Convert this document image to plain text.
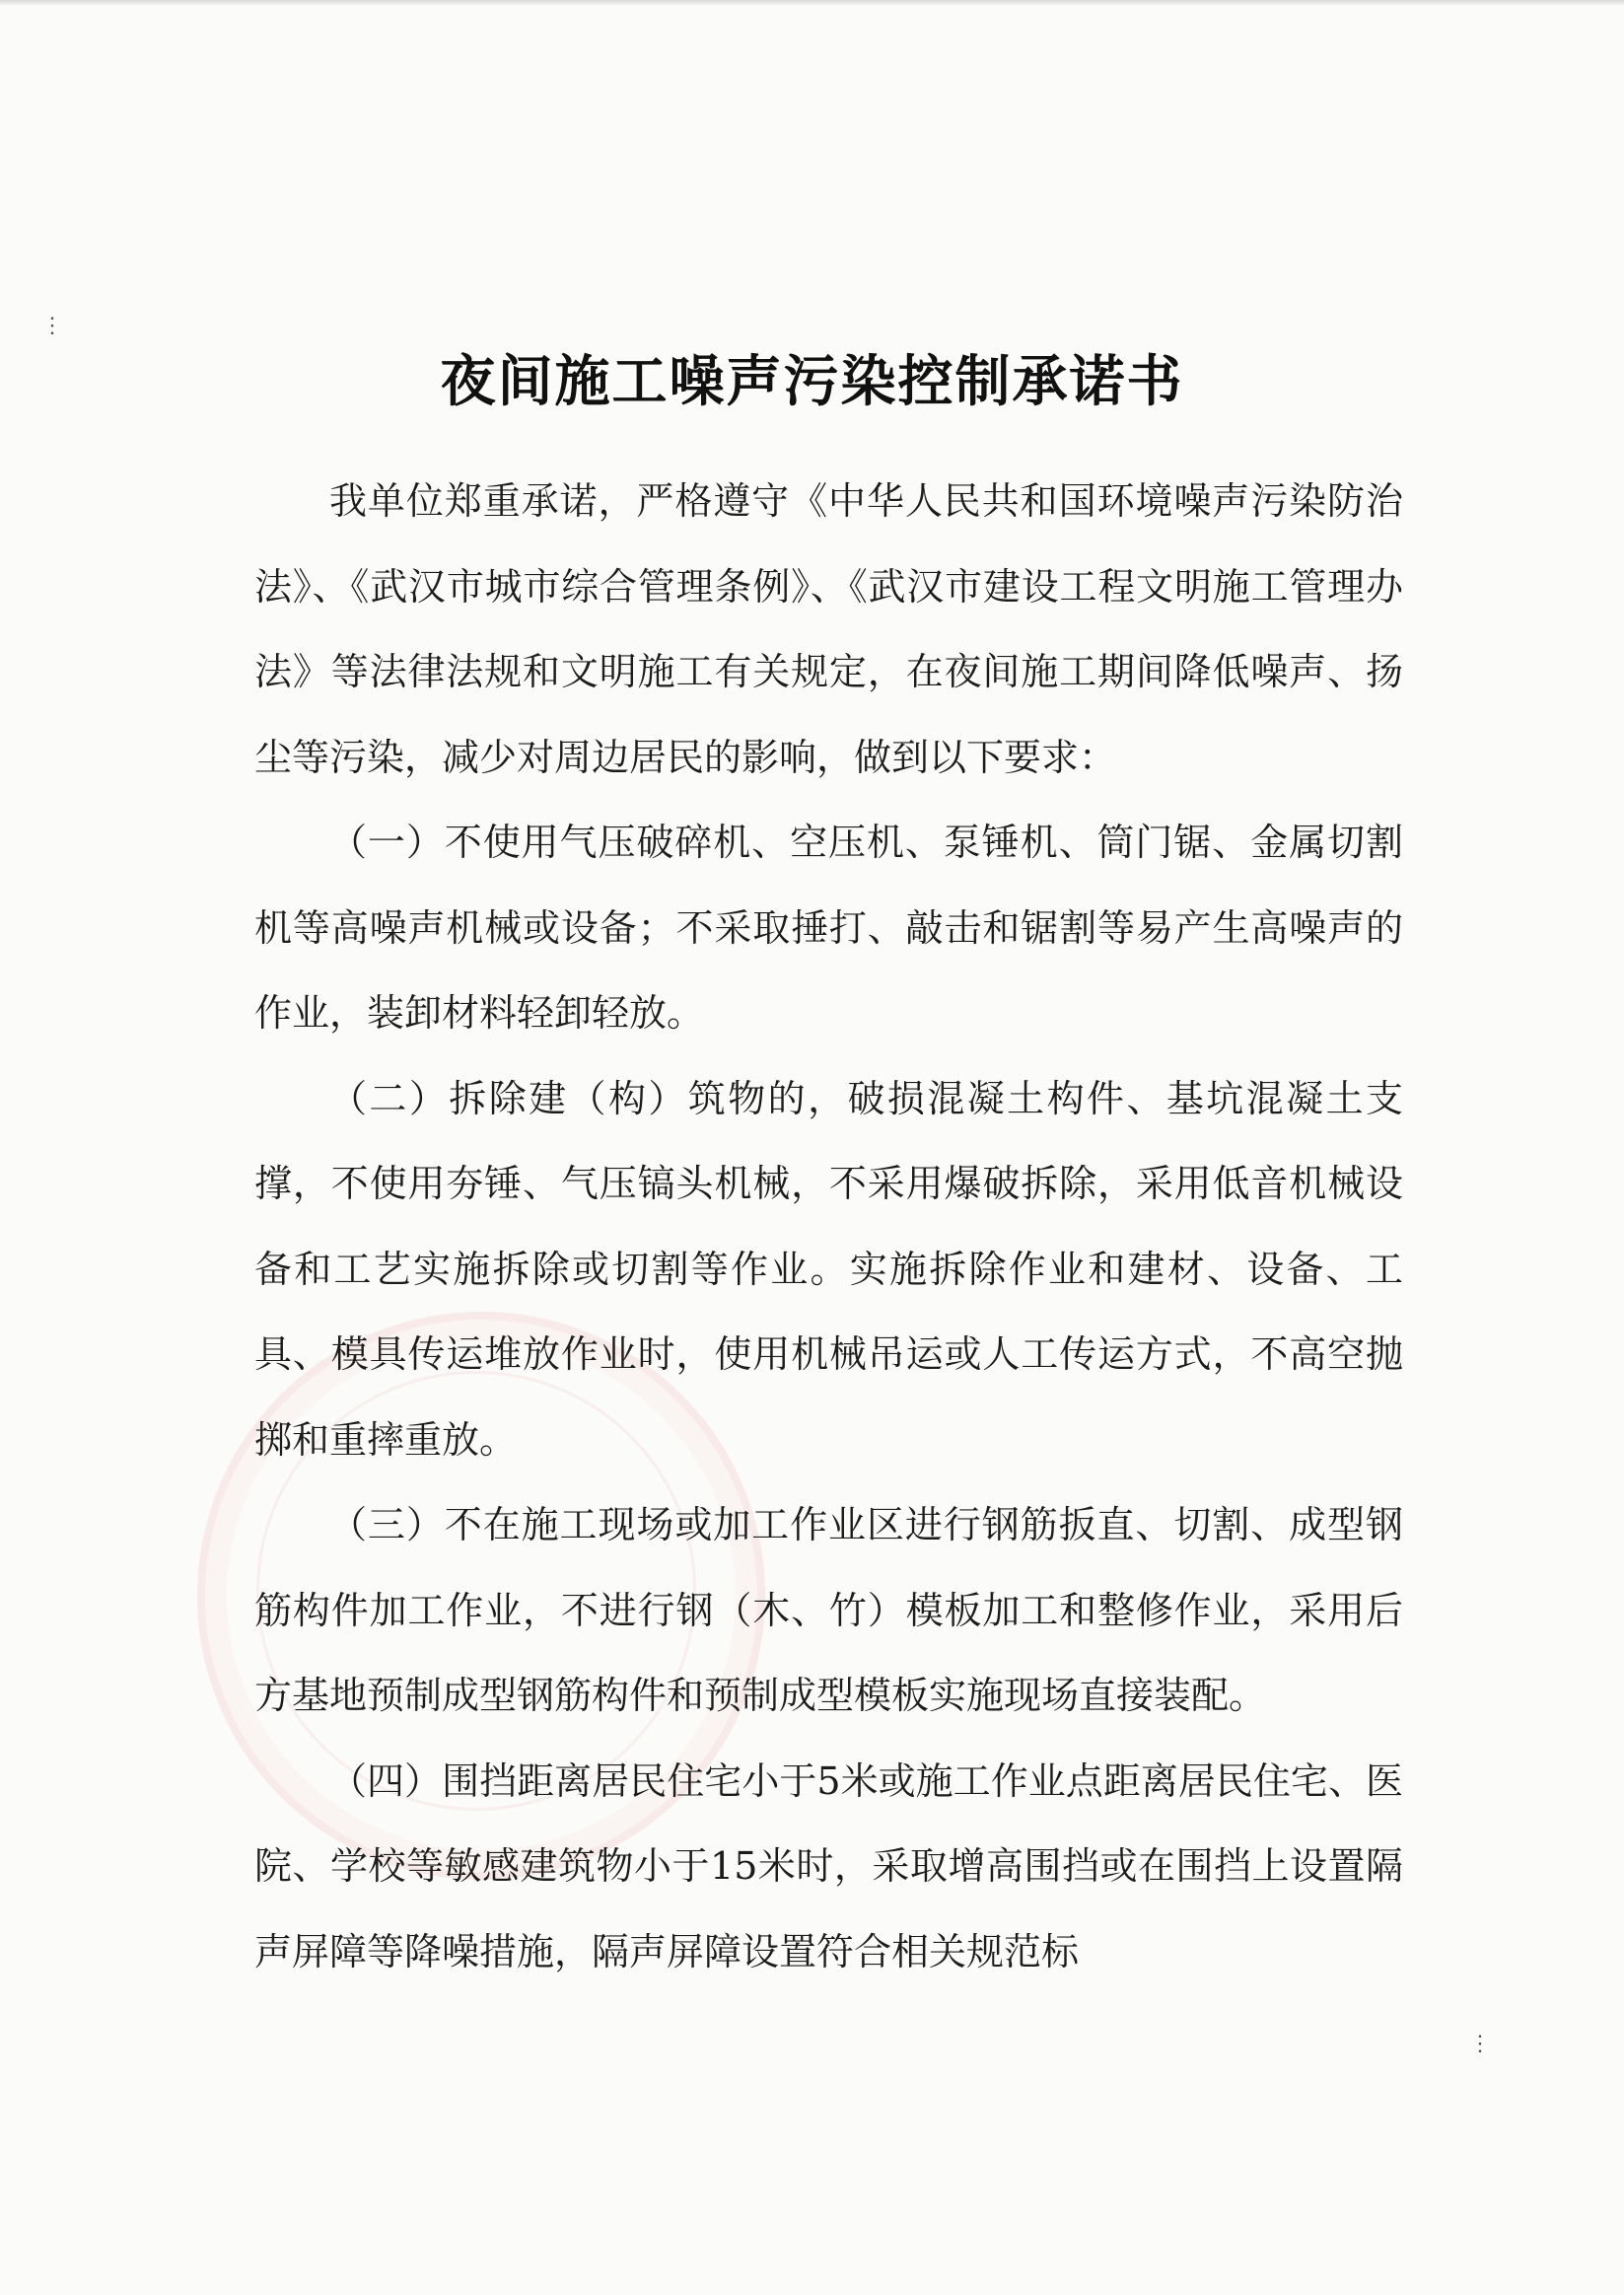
⋮
⋮
夜间施工噪声污染控制承诺书

我单位郑重承诺，严格遵守《中华人民共和国环境噪声污染防治法》、《武汉市城市综合管理条例》、《武汉市建设工程文明施工管理办法》等法律法规和文明施工有关规定，在夜间施工期间降低噪声、扬尘等污染，减少对周边居民的影响，做到以下要求：

（一）不使用气压破碎机、空压机、泵锤机、筒门锯、金属切割机等高噪声机械或设备；不采取捶打、敲击和锯割等易产生高噪声的作业，装卸材料轻卸轻放。

（二）拆除建（构）筑物的，破损混凝土构件、基坑混凝土支撑，不使用夯锤、气压镐头机械，不采用爆破拆除，采用低音机械设备和工艺实施拆除或切割等作业。实施拆除作业和建材、设备、工具、模具传运堆放作业时，使用机械吊运或人工传运方式，不高空抛掷和重摔重放。

（三）不在施工现场或加工作业区进行钢筋扳直、切割、成型钢筋构件加工作业，不进行钢（木、竹）模板加工和整修作业，采用后方基地预制成型钢筋构件和预制成型模板实施现场直接装配。

（四）围挡距离居民住宅小于5米或施工作业点距离居民住宅、医院、学校等敏感建筑物小于15米时，采取增高围挡或在围挡上设置隔声屏障等降噪措施，隔声屏障设置符合相关规范标
